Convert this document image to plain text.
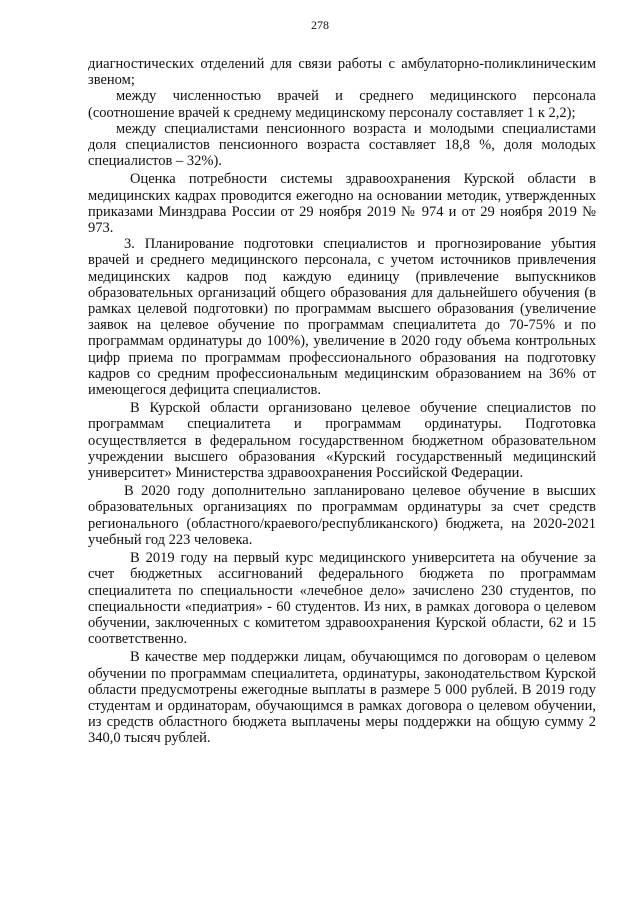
278

диагностических отделений для связи работы с амбулаторно-поликлиническим звеном;

между численностью врачей и среднего медицинского персонала (соотношение врачей к среднему медицинскому персоналу составляет 1 к 2,2);

между специалистами пенсионного возраста и молодыми специалистами доля специалистов пенсионного возраста составляет 18,8 %, доля молодых специалистов – 32%).

Оценка потребности системы здравоохранения Курской области в медицинских кадрах проводится ежегодно на основании методик, утвержденных приказами Минздрава России от 29 ноября 2019 № 974 и от 29 ноября 2019 № 973.

3. Планирование подготовки специалистов и прогнозирование убытия врачей и среднего медицинского персонала, с учетом источников привлечения медицинских кадров под каждую единицу (привлечение выпускников образовательных организаций общего образования для дальнейшего обучения (в рамках целевой подготовки) по программам высшего образования (увеличение заявок на целевое обучение по программам специалитета до 70-75% и по программам ординатуры до 100%), увеличение в 2020 году объема контрольных цифр приема по программам профессионального образования на подготовку кадров со средним профессиональным медицинским образованием на 36% от имеющегося дефицита специалистов.

В Курской области организовано целевое обучение специалистов по программам специалитета и программам ординатуры. Подготовка осуществляется в федеральном государственном бюджетном образовательном учреждении высшего образования «Курский государственный медицинский университет» Министерства здравоохранения Российской Федерации.

В 2020 году дополнительно запланировано целевое обучение в высших образовательных организациях по программам ординатуры за счет средств регионального (областного/краевого/республиканского) бюджета, на 2020-2021 учебный год 223 человека.

В 2019 году на первый курс медицинского университета на обучение за счет бюджетных ассигнований федерального бюджета по программам специалитета по специальности «лечебное дело» зачислено 230 студентов, по специальности «педиатрия» - 60 студентов. Из них, в рамках договора о целевом обучении, заключенных с комитетом здравоохранения Курской области, 62 и 15 соответственно.

В качестве мер поддержки лицам, обучающимся по договорам о целевом обучении по программам специалитета, ординатуры, законодательством Курской области предусмотрены ежегодные выплаты в размере 5 000 рублей. В 2019 году студентам и ординаторам, обучающимся в рамках договора о целевом обучении, из средств областного бюджета выплачены меры поддержки на общую сумму 2 340,0 тысяч рублей.
